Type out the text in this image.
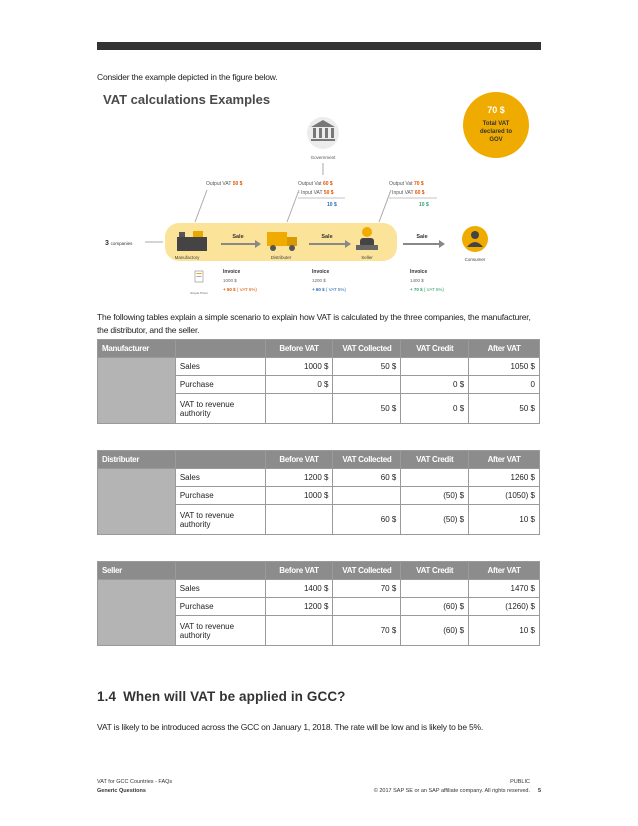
Consider the example depicted in the figure below.
VAT calculations Examples
70 $
Total VAT
declared to
GOV
Government
Output VAT 50 $	Output Vat 60 $
- Input VAT 50 $
10 $
Output Vat 70 $
- Input VAT 60 $
10 $
3 companies
Manufactory	Distributer	Seller
Sale	Sale	Sale
Consumer
Simple Pricer
Invoice
1000 $
+ 50 $ ( VAT 5%)
Invoice
1200 $
+ 60 $ ( VAT 5%)
Invoice
1400 $
+ 70 $ ( VAT 5%)
The following tables explain a simple scenario to explain how VAT is calculated by the three companies, the manufacturer, the distributor, and the seller.
Manufacturer		Before VAT	VAT Collected	VAT Credit	After VAT
	Sales	1000 $	50 $		1050 $
	Purchase	0 $		0 $	0
	VAT to revenue authority		50 $	0 $	50 $
Distributer		Before VAT	VAT Collected	VAT Credit	After VAT
	Sales	1200 $	60 $		1260 $
	Purchase	1000 $		(50) $	(1050) $
	VAT to revenue authority		60 $	(50) $	10 $
Seller		Before VAT	VAT Collected	VAT Credit	After VAT
	Sales	1400 $	70 $		1470 $
	Purchase	1200 $		(60) $	(1260) $
	VAT to revenue authority		70 $	(60) $	10 $
1.4 When will VAT be applied in GCC?
VAT is likely to be introduced across the GCC on January 1, 2018. The rate will be low and is likely to be 5%.
VAT for GCC Countries - FAQs
Generic Questions
PUBLIC
© 2017 SAP SE or an SAP affiliate company. All rights reserved. 5
